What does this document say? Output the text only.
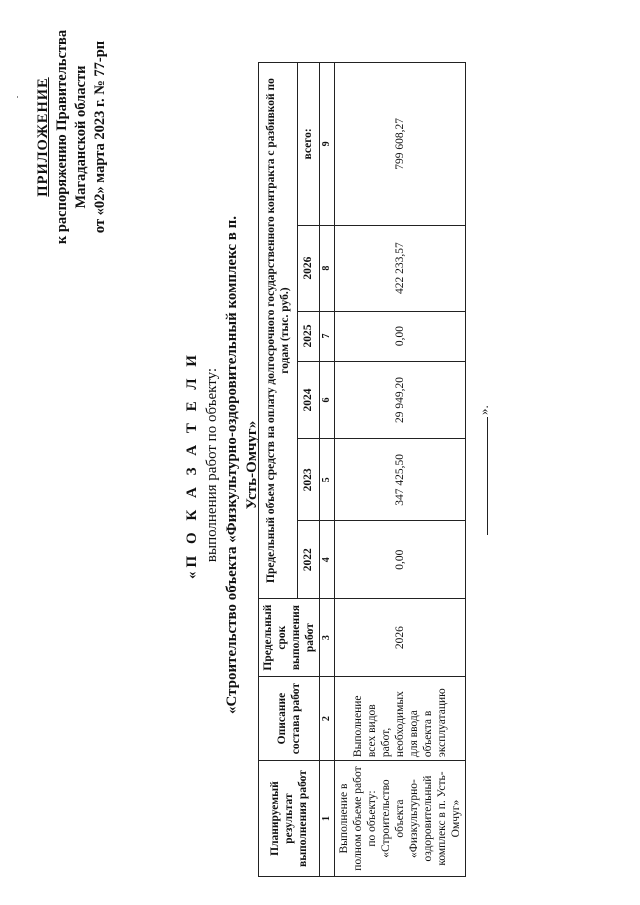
ПРИЛОЖЕНИЕ к распоряжению Правительства Магаданской области от «02» марта 2023 г. № 77-рп
«П О К А З А Т Е Л И выполнения работ по объекту: «Строительство объекта «Физкультурно-оздоровительный комплекс в п. Усть-Омчуг»
Планируемый результат выполнения работ	Описание состава работ	Предельный срок выполнения работ	Предельный объем средств на оплату долгосрочного государственного контракта с разбивкой по годам (тыс. руб.)					
			2022	2023	2024	2025	2026	всего:
1	2	3	4	5	6	7	8	9
Выполнение в полном объеме работ по объекту: «Строительство объекта «Физкультурно-оздоровительный комплекс в п. Усть-Омчуг»	Выполнение всех видов работ, необходимых для ввода объекта в эксплуатацию	2026	0,00	347 425,50	29 949,20	0,00	422 233,57	799 608,27
».
